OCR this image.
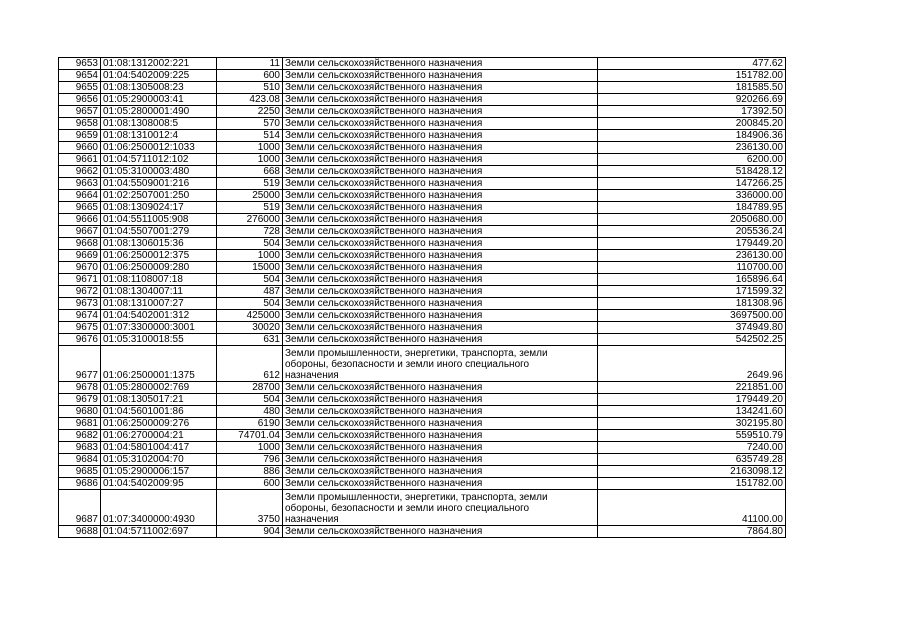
9653	01:08:1312002:221	11	Земли сельскохозяйственного назначения	477.62
9654	01:04:5402009:225	600	Земли сельскохозяйственного назначения	151782.00
9655	01:08:1305008:23	510	Земли сельскохозяйственного назначения	181585.50
9656	01:05:2900003:41	423.08	Земли сельскохозяйственного назначения	920266.69
9657	01:05:2800001:490	2250	Земли сельскохозяйственного назначения	17392.50
9658	01:08:1308008:5	570	Земли сельскохозяйственного назначения	200845.20
9659	01:08:1310012:4	514	Земли сельскохозяйственного назначения	184906.36
9660	01:06:2500012:1033	1000	Земли сельскохозяйственного назначения	236130.00
9661	01:04:5711012:102	1000	Земли сельскохозяйственного назначения	6200.00
9662	01:05:3100003:480	668	Земли сельскохозяйственного назначения	518428.12
9663	01:04:5509001:216	519	Земли сельскохозяйственного назначения	147266.25
9664	01:02:2507001:250	25000	Земли сельскохозяйственного назначения	336000.00
9665	01:08:1309024:17	519	Земли сельскохозяйственного назначения	184789.95
9666	01:04:5511005:908	276000	Земли сельскохозяйственного назначения	2050680.00
9667	01:04:5507001:279	728	Земли сельскохозяйственного назначения	205536.24
9668	01:08:1306015:36	504	Земли сельскохозяйственного назначения	179449.20
9669	01:06:2500012:375	1000	Земли сельскохозяйственного назначения	236130.00
9670	01:06:2500009:280	15000	Земли сельскохозяйственного назначения	110700.00
9671	01:08:1108007:18	504	Земли сельскохозяйственного назначения	165896.64
9672	01:08:1304007:11	487	Земли сельскохозяйственного назначения	171599.32
9673	01:08:1310007:27	504	Земли сельскохозяйственного назначения	181308.96
9674	01:04:5402001:312	425000	Земли сельскохозяйственного назначения	3697500.00
9675	01:07:3300000:3001	30020	Земли сельскохозяйственного назначения	374949.80
9676	01:05:3100018:55	631	Земли сельскохозяйственного назначения	542502.25
9677	01:06:2500001:1375	612	Земли промышленности, энергетики, транспорта, земли
обороны, безопасности и земли иного специального
назначения	2649.96
9678	01:05:2800002:769	28700	Земли сельскохозяйственного назначения	221851.00
9679	01:08:1305017:21	504	Земли сельскохозяйственного назначения	179449.20
9680	01:04:5601001:86	480	Земли сельскохозяйственного назначения	134241.60
9681	01:06:2500009:276	6190	Земли сельскохозяйственного назначения	302195.80
9682	01:06:2700004:21	74701.04	Земли сельскохозяйственного назначения	559510.79
9683	01:04:5801004:417	1000	Земли сельскохозяйственного назначения	7240.00
9684	01:05:3102004:70	796	Земли сельскохозяйственного назначения	635749.28
9685	01:05:2900006:157	886	Земли сельскохозяйственного назначения	2163098.12
9686	01:04:5402009:95	600	Земли сельскохозяйственного назначения	151782.00
9687	01:07:3400000:4930	3750	Земли промышленности, энергетики, транспорта, земли
обороны, безопасности и земли иного специального
назначения	41100.00
9688	01:04:5711002:697	904	Земли сельскохозяйственного назначения	7864.80
